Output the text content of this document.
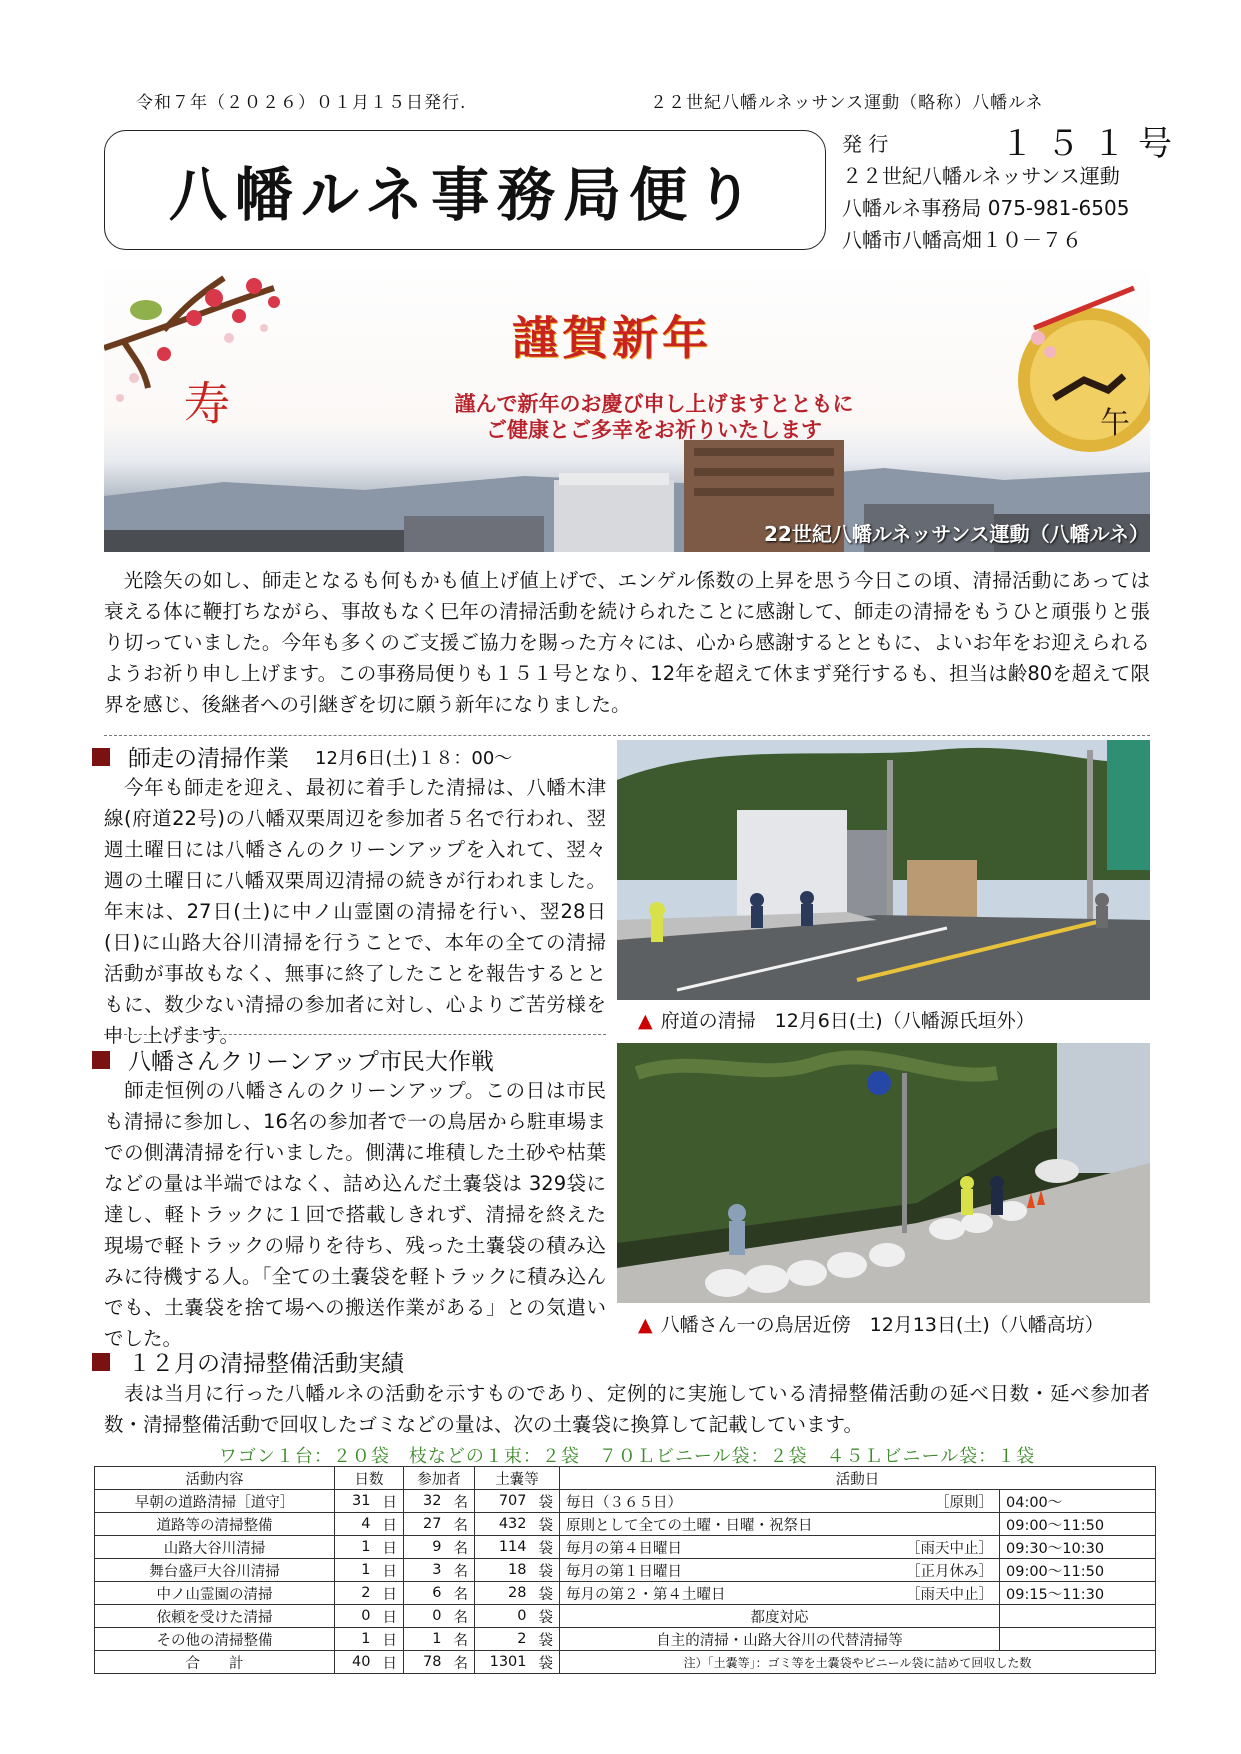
令和７年（２０２６）０１月１５日発行.	２２世紀八幡ルネッサンス運動（略称）八幡ルネ
八幡ルネ事務局便り
発 行	１５１号
２２世紀八幡ルネッサンス運動
八幡ルネ事務局 075-981-6505
八幡市八幡高畑１０－７６
謹賀新年
謹んで新年のお慶び申し上げますとともに
ご健康とご多幸をお祈りいたします
寿	午
22世紀八幡ルネッサンス運動（八幡ルネ）
　光陰矢の如し、師走となるも何もかも値上げ値上げで、エンゲル係数の上昇を思う今日この頃、清掃活動にあっては衰える体に鞭打ちながら、事故もなく巳年の清掃活動を続けられたことに感謝して、師走の清掃をもうひと頑張りと張り切っていました。今年も多くのご支援ご協力を賜った方々には、心から感謝するとともに、よいお年をお迎えられるようお祈り申し上げます。この事務局便りも１５１号となり、12年を超えて休まず発行するも、担当は齢80を超えて限界を感じ、後継者への引継ぎを切に願う新年になりました。
師走の清掃作業 12月6日(土)１８：00～
　今年も師走を迎え、最初に着手した清掃は、八幡木津線(府道22号)の八幡双栗周辺を参加者５名で行われ、翌週土曜日には八幡さんのクリーンアップを入れて、翌々週の土曜日に八幡双栗周辺清掃の続きが行われました。年末は、27日(土)に中ノ山霊園の清掃を行い、翌28日(日)に山路大谷川清掃を行うことで、本年の全ての清掃活動が事故もなく、無事に終了したことを報告するとともに、数少ない清掃の参加者に対し、心よりご苦労様を申し上げます。
▲ 府道の清掃　12月6日(土)（八幡源氏垣外）
八幡さんクリーンアップ市民大作戦
　師走恒例の八幡さんのクリーンアップ。この日は市民も清掃に参加し、16名の参加者で一の鳥居から駐車場までの側溝清掃を行いました。側溝に堆積した土砂や枯葉などの量は半端ではなく、詰め込んだ土嚢袋は 329袋に達し、軽トラックに１回で搭載しきれず、清掃を終えた現場で軽トラックの帰りを待ち、残った土嚢袋の積み込みに待機する人。「全ての土嚢袋を軽トラックに積み込んでも、土嚢袋を捨て場への搬送作業がある」との気遣いでした。
▲ 八幡さん一の鳥居近傍　12月13日(土)（八幡高坊）
１２月の清掃整備活動実績
　表は当月に行った八幡ルネの活動を示すものであり、定例的に実施している清掃整備活動の延べ日数・延べ参加者数・清掃整備活動で回収したゴミなどの量は、次の土嚢袋に換算して記載しています。
ワゴン１台：２０袋　枝などの１束：２袋　７０Ｌビニール袋：２袋　４５Ｌビニール袋：１袋
活動内容	日数		参加者		土嚢等		活動日		
早朝の道路清掃［道守］	31	日	32	名	707	袋	毎日（３６５日）	［原則］	04:00～
道路等の清掃整備	4	日	27	名	432	袋	原則として全ての土曜・日曜・祝祭日		09:00～11:50
山路大谷川清掃	1	日	9	名	114	袋	毎月の第４日曜日	［雨天中止］	09:30～10:30
舞台盛戸大谷川清掃	1	日	3	名	18	袋	毎月の第１日曜日	［正月休み］	09:00～11:50
中ノ山霊園の清掃	2	日	6	名	28	袋	毎月の第２・第４土曜日	［雨天中止］	09:15～11:30
依頼を受けた清掃	0	日	0	名	0	袋	都度対応		
その他の清掃整備	1	日	1	名	2	袋	自主的清掃・山路大谷川の代替清掃等		
合　　計	40	日	78	名	1301	袋	注）「土嚢等」：ゴミ等を土嚢袋やビニール袋に詰めて回収した数		
